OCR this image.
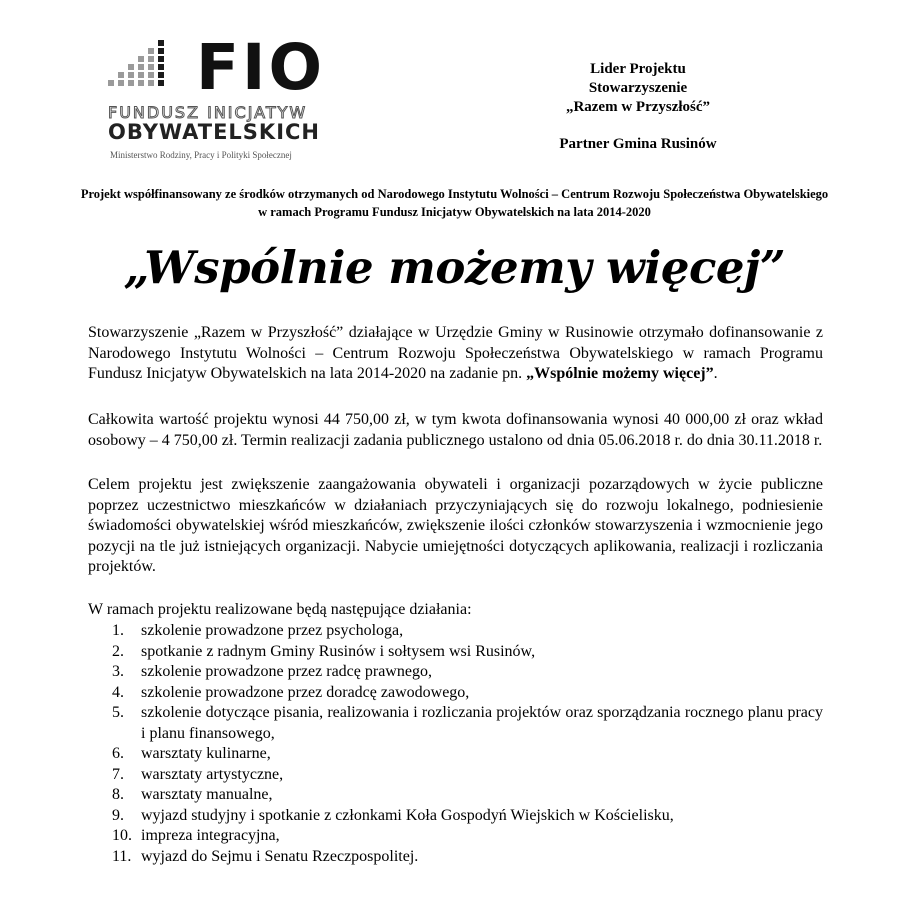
FIO
FUNDUSZ INICJATYW
OBYWATELSKICH
Ministerstwo Rodziny, Pracy i Polityki Społecznej
Lider Projektu
Stowarzyszenie
„Razem w Przyszłość”
Partner Gmina Rusinów
Projekt współfinansowany ze środków otrzymanych od Narodowego Instytutu Wolności – Centrum Rozwoju Społeczeństwa Obywatelskiego w ramach Programu Fundusz Inicjatyw Obywatelskich na lata 2014-2020
„Wspólnie możemy więcej”

Stowarzyszenie „Razem w Przyszłość” działające w Urzędzie Gminy w Rusinowie otrzymało dofinansowanie z Narodowego Instytutu Wolności – Centrum Rozwoju Społeczeństwa Obywatelskiego w ramach Programu Fundusz Inicjatyw Obywatelskich na lata 2014-2020 na zadanie pn. „Wspólnie możemy więcej”.

Całkowita wartość projektu wynosi 44 750,00 zł, w tym kwota dofinansowania wynosi 40 000,00 zł oraz wkład osobowy – 4 750,00 zł. Termin realizacji zadania publicznego ustalono od dnia 05.06.2018 r. do dnia 30.11.2018 r.

Celem projektu jest zwiększenie zaangażowania obywateli i organizacji pozarządowych w życie publiczne poprzez uczestnictwo mieszkańców w działaniach przyczyniających się do rozwoju lokalnego, podniesienie świadomości obywatelskiej wśród mieszkańców, zwiększenie ilości członków stowarzyszenia i wzmocnienie jego pozycji na tle już istniejących organizacji. Nabycie umiejętności dotyczących aplikowania, realizacji i rozliczania projektów.

W ramach projektu realizowane będą następujące działania:
1. szkolenie prowadzone przez psychologa,
2. spotkanie z radnym Gminy Rusinów i sołtysem wsi Rusinów,
3. szkolenie prowadzone przez radcę prawnego,
4. szkolenie prowadzone przez doradcę zawodowego,
5. szkolenie dotyczące pisania, realizowania i rozliczania projektów oraz sporządzania rocznego planu pracy i planu finansowego,
6. warsztaty kulinarne,
7. warsztaty artystyczne,
8. warsztaty manualne,
9. wyjazd studyjny i spotkanie z członkami Koła Gospodyń Wiejskich w Kościelisku,
10. impreza integracyjna,
11. wyjazd do Sejmu i Senatu Rzeczpospolitej.
